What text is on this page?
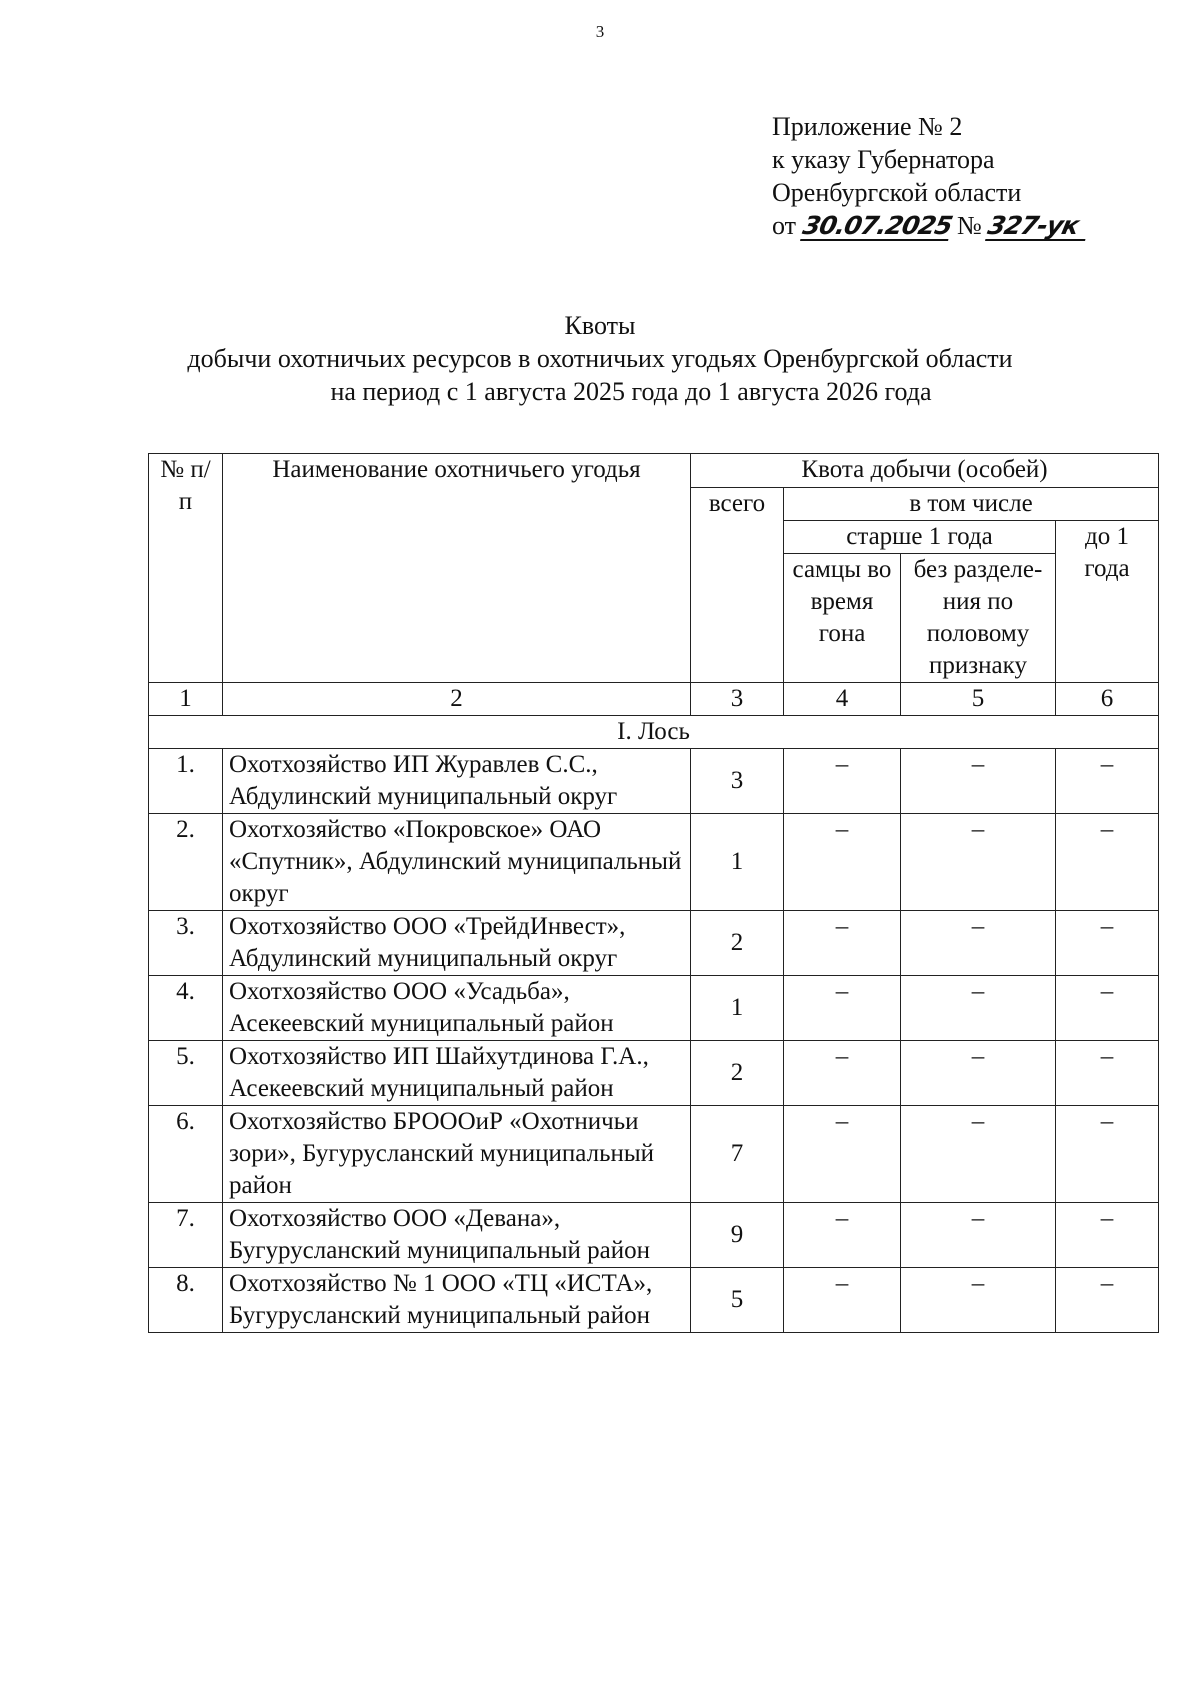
3
Приложение № 2
к указу Губернатора
Оренбургской области
от 30.07.2025 № 327-ук
Квоты
добычи охотничьих ресурсов в охотничьих угодьях Оренбургской области
на период с 1 августа 2025 года до 1 августа 2026 года
№ п/п	Наименование охотничьего угодья	Квота добычи (особей)			
		всего	в том числе		
			старше 1 года		до 1 года
			самцы во время гона	без разделе-ния по половому признаку	
1	2	3	4	5	6
I. Лось					
1.	Охотхозяйство ИП Журавлев С.С., Абдулинский муниципальный округ	3	–	–	–
2.	Охотхозяйство «Покровское» ОАО «Спутник», Абдулинский муниципальный округ	1	–	–	–
3.	Охотхозяйство ООО «ТрейдИнвест», Абдулинский муниципальный округ	2	–	–	–
4.	Охотхозяйство ООО «Усадьба», Асекеевский муниципальный район	1	–	–	–
5.	Охотхозяйство ИП Шайхутдинова Г.А., Асекеевский муниципальный район	2	–	–	–
6.	Охотхозяйство БРОООиР «Охотничьи зори», Бугурусланский муниципальный район	7	–	–	–
7.	Охотхозяйство ООО «Девана», Бугурусланский муниципальный район	9	–	–	–
8.	Охотхозяйство № 1 ООО «ТЦ «ИСТА», Бугурусланский муниципальный район	5	–	–	–
